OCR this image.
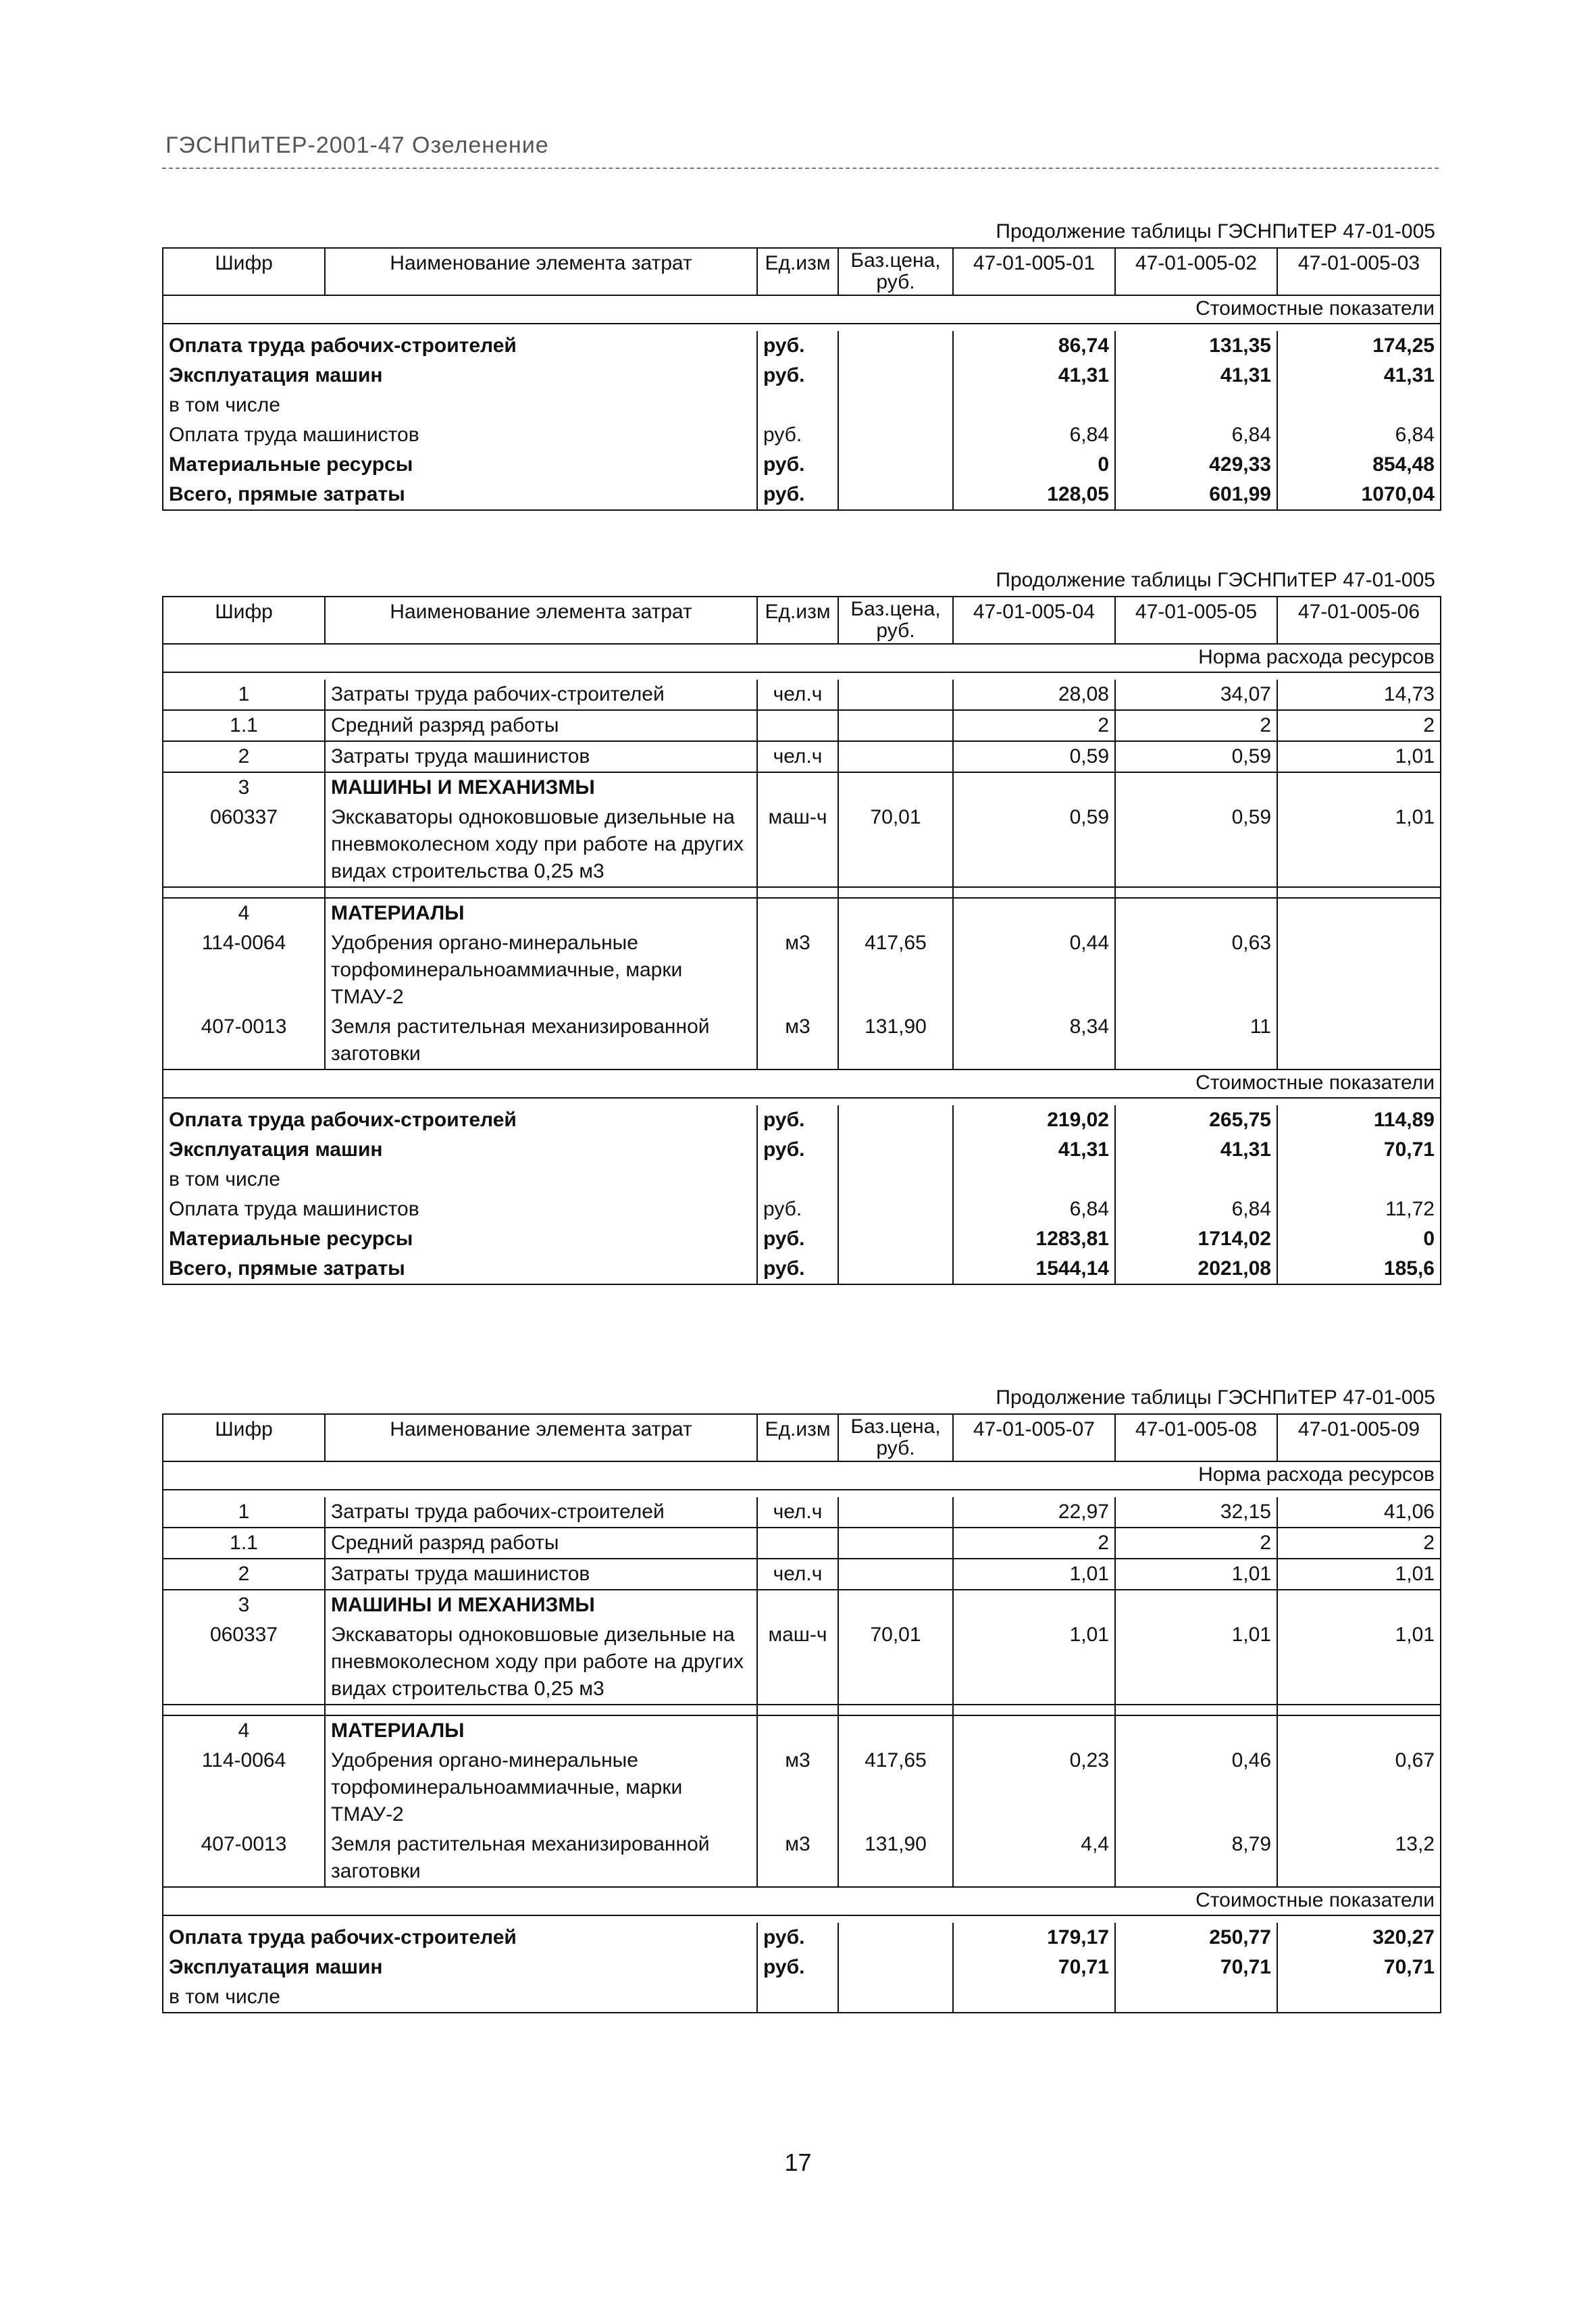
ГЭСНПиТЕР-2001-47 Озеленение
Продолжение таблицы ГЭСНПиТЕР 47-01-005
Шифр	Наименование элемента затрат	Ед.изм	Баз.цена, руб.	47-01-005-01	47-01-005-02	47-01-005-03
Стоимостные показатели						

Оплата труда рабочих-строителей		руб.		86,74	131,35	174,25
Эксплуатация машин		руб.		41,31	41,31	41,31
в том числе						
Оплата труда машинистов		руб.		6,84	6,84	6,84
Материальные ресурсы		руб.		0	429,33	854,48
Всего, прямые затраты		руб.		128,05	601,99	1070,04
Продолжение таблицы ГЭСНПиТЕР 47-01-005
Шифр	Наименование элемента затрат	Ед.изм	Баз.цена, руб.	47-01-005-04	47-01-005-05	47-01-005-06
Норма расхода ресурсов						

1	Затраты труда рабочих-строителей	чел.ч		28,08	34,07	14,73
1.1	Средний разряд работы			2	2	2
2	Затраты труда машинистов	чел.ч		0,59	0,59	1,01
3	МАШИНЫ И МЕХАНИЗМЫ					
060337	Экскаваторы одноковшовые дизельные на пневмоколесном ходу при работе на других видах строительства 0,25 м3	маш-ч	70,01	0,59	0,59	1,01

4	МАТЕРИАЛЫ					
114-0064	Удобрения органо-минеральные торфоминеральноаммиачные, марки ТМАУ-2	м3	417,65	0,44	0,63	
407-0013	Земля растительная механизированной заготовки	м3	131,90	8,34	11	
Стоимостные показатели						

Оплата труда рабочих-строителей		руб.		219,02	265,75	114,89
Эксплуатация машин		руб.		41,31	41,31	70,71
в том числе						
Оплата труда машинистов		руб.		6,84	6,84	11,72
Материальные ресурсы		руб.		1283,81	1714,02	0
Всего, прямые затраты		руб.		1544,14	2021,08	185,6
Продолжение таблицы ГЭСНПиТЕР 47-01-005
Шифр	Наименование элемента затрат	Ед.изм	Баз.цена, руб.	47-01-005-07	47-01-005-08	47-01-005-09
Норма расхода ресурсов						

1	Затраты труда рабочих-строителей	чел.ч		22,97	32,15	41,06
1.1	Средний разряд работы			2	2	2
2	Затраты труда машинистов	чел.ч		1,01	1,01	1,01
3	МАШИНЫ И МЕХАНИЗМЫ					
060337	Экскаваторы одноковшовые дизельные на пневмоколесном ходу при работе на других видах строительства 0,25 м3	маш-ч	70,01	1,01	1,01	1,01

4	МАТЕРИАЛЫ					
114-0064	Удобрения органо-минеральные торфоминеральноаммиачные, марки ТМАУ-2	м3	417,65	0,23	0,46	0,67
407-0013	Земля растительная механизированной заготовки	м3	131,90	4,4	8,79	13,2
Стоимостные показатели						

Оплата труда рабочих-строителей		руб.		179,17	250,77	320,27
Эксплуатация машин		руб.		70,71	70,71	70,71
в том числе						
17
